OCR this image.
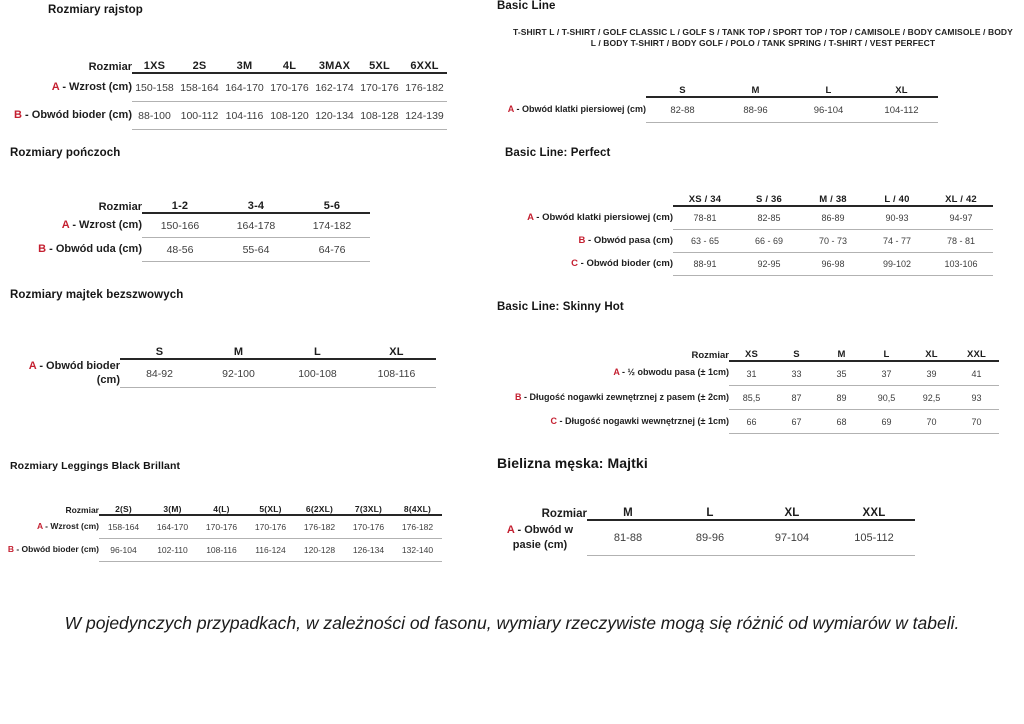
Rozmiary rajstop
Rozmiar	1XS	2S	3M	4L	3MAX	5XL	6XXL
A - Wzrost (cm)	150-158	158-164	164-170	170-176	162-174	170-176	176-182
B - Obwód bioder (cm)	88-100	100-112	104-116	108-120	120-134	108-128	124-139
Rozmiary pończoch
Rozmiar	1-2	3-4	5-6
A - Wzrost (cm)	150-166	164-178	174-182
B - Obwód uda (cm)	48-56	55-64	64-76
Rozmiary majtek bezszwowych
	S	M	L	XL
A - Obwód bioder (cm)	84-92	92-100	100-108	108-116
Rozmiary Leggings Black Brillant
Rozmiar	2(S)	3(M)	4(L)	5(XL)	6(2XL)	7(3XL)	8(4XL)
A - Wzrost (cm)	158-164	164-170	170-176	170-176	176-182	170-176	176-182
B - Obwód bioder (cm)	96-104	102-110	108-116	116-124	120-128	126-134	132-140
Basic Line
T-SHIRT L / T-SHIRT / GOLF CLASSIC L / GOLF S / TANK TOP / SPORT TOP / TOP / CAMISOLE / BODY CAMISOLE / BODY L / BODY T-SHIRT / BODY GOLF / POLO / TANK SPRING / T-SHIRT / VEST PERFECT
	S	M	L	XL
A - Obwód klatki piersiowej (cm)	82-88	88-96	96-104	104-112
Basic Line: Perfect
	XS / 34	S / 36	M / 38	L / 40	XL / 42
A - Obwód klatki piersiowej (cm)	78-81	82-85	86-89	90-93	94-97
B - Obwód pasa (cm)	63 - 65	66 - 69	70 - 73	74 - 77	78 - 81
C - Obwód bioder (cm)	88-91	92-95	96-98	99-102	103-106
Basic Line: Skinny Hot
Rozmiar	XS	S	M	L	XL	XXL
A - ½ obwodu pasa (± 1cm)	31	33	35	37	39	41
B - Długość nogawki zewnętrznej z pasem (± 2cm)	85,5	87	89	90,5	92,5	93
C - Długość nogawki wewnętrznej (± 1cm)	66	67	68	69	70	70
Bielizna męska: Majtki
Rozmiar	M	L	XL	XXL
A - Obwód w pasie (cm)	81-88	89-96	97-104	105-112
W pojedynczych przypadkach, w zależności od fasonu, wymiary rzeczywiste mogą się różnić od wymiarów w tabeli.
